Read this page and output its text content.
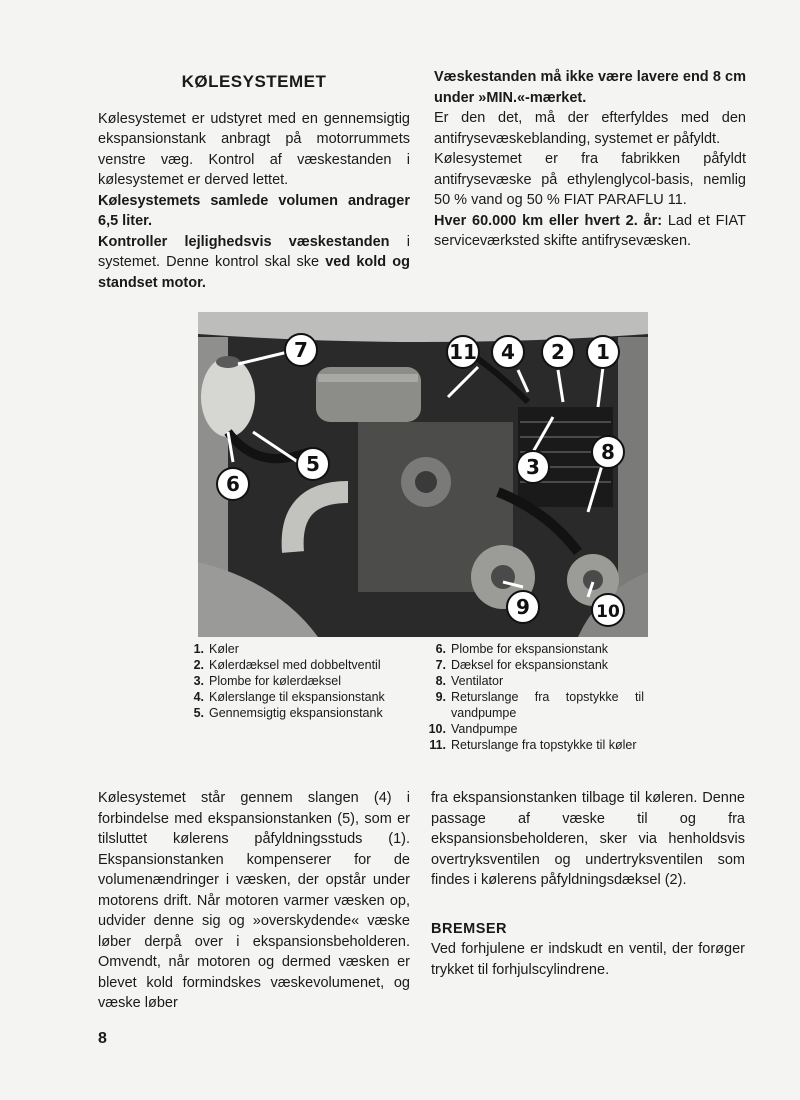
KØLESYSTEMET

Kølesystemet er udstyret med en gennemsigtig ekspansionstank anbragt på motorrummets venstre væg. Kontrol af væskestanden i kølesystemet er derved lettet.

Kølesystemets samlede volumen andrager 6,5 liter.

Kontroller lejlighedsvis væskestanden i systemet. Denne kontrol skal ske ved kold og standset motor.

Væskestanden må ikke være lavere end 8 cm under »MIN.«-mærket.

Er den det, må der efterfyldes med den antifrysevæskeblanding, systemet er påfyldt.

Kølesystemet er fra fabrikken påfyldt antifrysevæske på ethylenglycol-basis, nemlig 50 % vand og 50 % FIAT PARAFLU 11.

Hver 60.000 km eller hvert 2. år: Lad et FIAT serviceværksted skifte antifrysevæsken.

7	11 4 2 1
5
6
3
8
9	10
1. Køler
2. Kølerdæksel med dobbeltventil
3. Plombe for kølerdæksel
4. Kølerslange til ekspansionstank
5. Gennemsigtig ekspansionstank
6. Plombe for ekspansionstank
7. Dæksel for ekspansionstank
8. Ventilator
9. Returslange fra topstykke til vandpumpe
10. Vandpumpe
11. Returslange fra topstykke til køler

Kølesystemet står gennem slangen (4) i forbindelse med ekspansionstanken (5), som er tilsluttet kølerens påfyldningsstuds (1). Ekspansionstanken kompenserer for de volumenændringer i væsken, der opstår under motorens drift. Når motoren varmer væsken op, udvider denne sig og »overskydende« væske løber derpå over i ekspansionsbeholderen. Omvendt, når motoren og dermed væsken er blevet kold formindskes væskevolumenet, og væske løber

fra ekspansionstanken tilbage til køleren. Denne passage af væske til og fra ekspansionsbeholderen, sker via henholdsvis overtryksventilen og undertryksventilen som findes i kølerens påfyldningsdæksel (2).

BREMSER

Ved forhjulene er indskudt en ventil, der forøger trykket til forhjulscylindrene.

8
